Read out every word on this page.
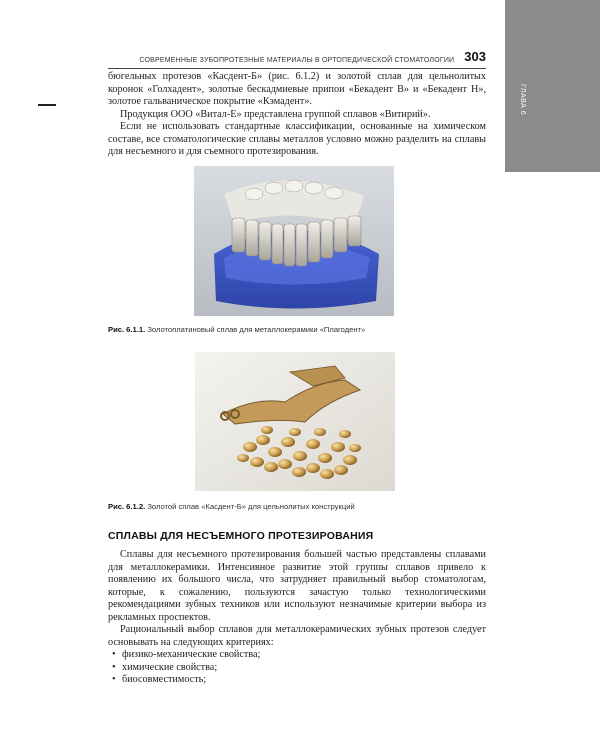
ГЛАВА 6
СОВРЕМЕННЫЕ ЗУБОПРОТЕЗНЫЕ МАТЕРИАЛЫ В ОРТОПЕДИЧЕСКОЙ СТОМАТОЛОГИИ 303

бюгельных протезов «Касдент-Б» (рис. 6.1.2) и золотой сплав для цельнолитых коронок «Голхадент», золотые бескадмиевые припои «Бекадент В» и «Бекадент Н», золотое гальваническое покрытие «Кэмадент».

Продукция ООО «Витал-Е» представлена группой сплавов «Витирий».

Если не использовать стандартные классификации, основанные на химическом составе, все стоматологические сплавы металлов условно можно разделить на сплавы для несъемного и для съемного протезирования.

Рис. 6.1.1. Золотоплатиновый сплав для металлокерамики «Плагодент»
Рис. 6.1.2. Золотой сплав «Касдент-Б» для цельнолитых конструкций
СПЛАВЫ ДЛЯ НЕСЪЕМНОГО ПРОТЕЗИРОВАНИЯ

Сплавы для несъемного протезирования большей частью представлены сплавами для металлокерамики. Интенсивное развитие этой группы сплавов привело к появлению их большого числа, что затрудняет правильный выбор стоматологам, которые, к сожалению, пользуются зачастую только технологическими рекомендациями зубных техников или используют незначимые критерии выбора из рекламных проспектов.

Рациональный выбор сплавов для металлокерамических зубных протезов следует основывать на следующих критериях:

• физико-механические свойства;
• химические свойства;
• биосовместимость;
